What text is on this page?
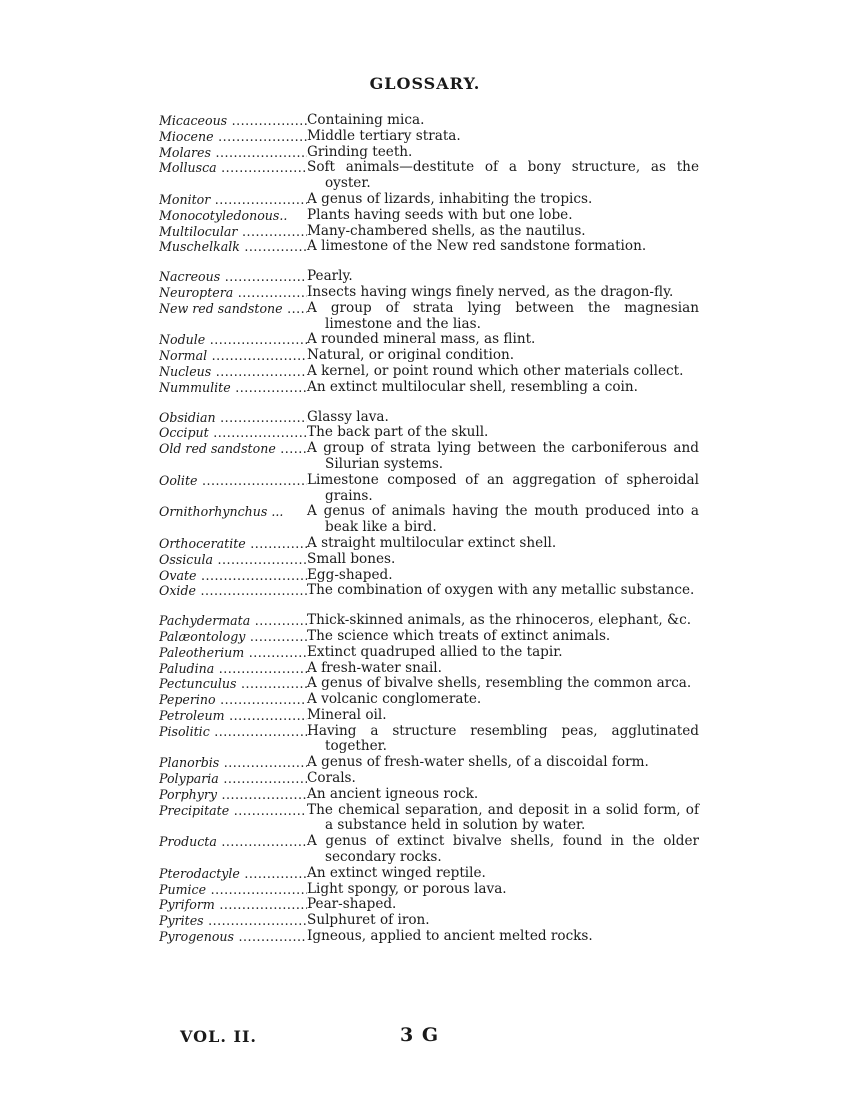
GLOSSARY.
Micaceous .....	Containing mica.
Miocene .....	Middle tertiary strata.
Molares .....	Grinding teeth.
Mollusca .....	Soft animals—destitute of a bony structure, as the oyster.
Monitor .....	A genus of lizards, inhabiting the tropics.
Monocotyledonous..	Plants having seeds with but one lobe.
Multilocular .....	Many-chambered shells, as the nautilus.
Muschelkalk .....	A limestone of the New red sandstone formation.
Nacreous .....	Pearly.
Neuroptera .....	Insects having wings finely nerved, as the dragon-fly.
New red sandstone .....	A group of strata lying between the magnesian limestone and the lias.
Nodule .....	A rounded mineral mass, as flint.
Normal .....	Natural, or original condition.
Nucleus .....	A kernel, or point round which other materials collect.
Nummulite .....	An extinct multilocular shell, resembling a coin.
Obsidian .....	Glassy lava.
Occiput .....	The back part of the skull.
Old red sandstone .....	A group of strata lying between the carboniferous and Silurian systems.
Oolite .....	Limestone composed of an aggregation of spheroidal grains.
Ornithorhynchus ...	A genus of animals having the mouth produced into a beak like a bird.
Orthoceratite .....	A straight multilocular extinct shell.
Ossicula .....	Small bones.
Ovate .....	Egg-shaped.
Oxide .....	The combination of oxygen with any metallic substance.
Pachydermata .....	Thick-skinned animals, as the rhinoceros, elephant, &c.
Palæontology .....	The science which treats of extinct animals.
Paleotherium .....	Extinct quadruped allied to the tapir.
Paludina .....	A fresh-water snail.
Pectunculus .....	A genus of bivalve shells, resembling the common arca.
Peperino .....	A volcanic conglomerate.
Petroleum .....	Mineral oil.
Pisolitic .....	Having a structure resembling peas, agglutinated together.
Planorbis .....	A genus of fresh-water shells, of a discoidal form.
Polyparia .....	Corals.
Porphyry .....	An ancient igneous rock.
Precipitate .....	The chemical separation, and deposit in a solid form, of a substance held in solution by water.
Producta .....	A genus of extinct bivalve shells, found in the older secondary rocks.
Pterodactyle .....	An extinct winged reptile.
Pumice .....	Light spongy, or porous lava.
Pyriform .....	Pear-shaped.
Pyrites .....	Sulphuret of iron.
Pyrogenous .....	Igneous, applied to ancient melted rocks.
VOL. II.	3 G
